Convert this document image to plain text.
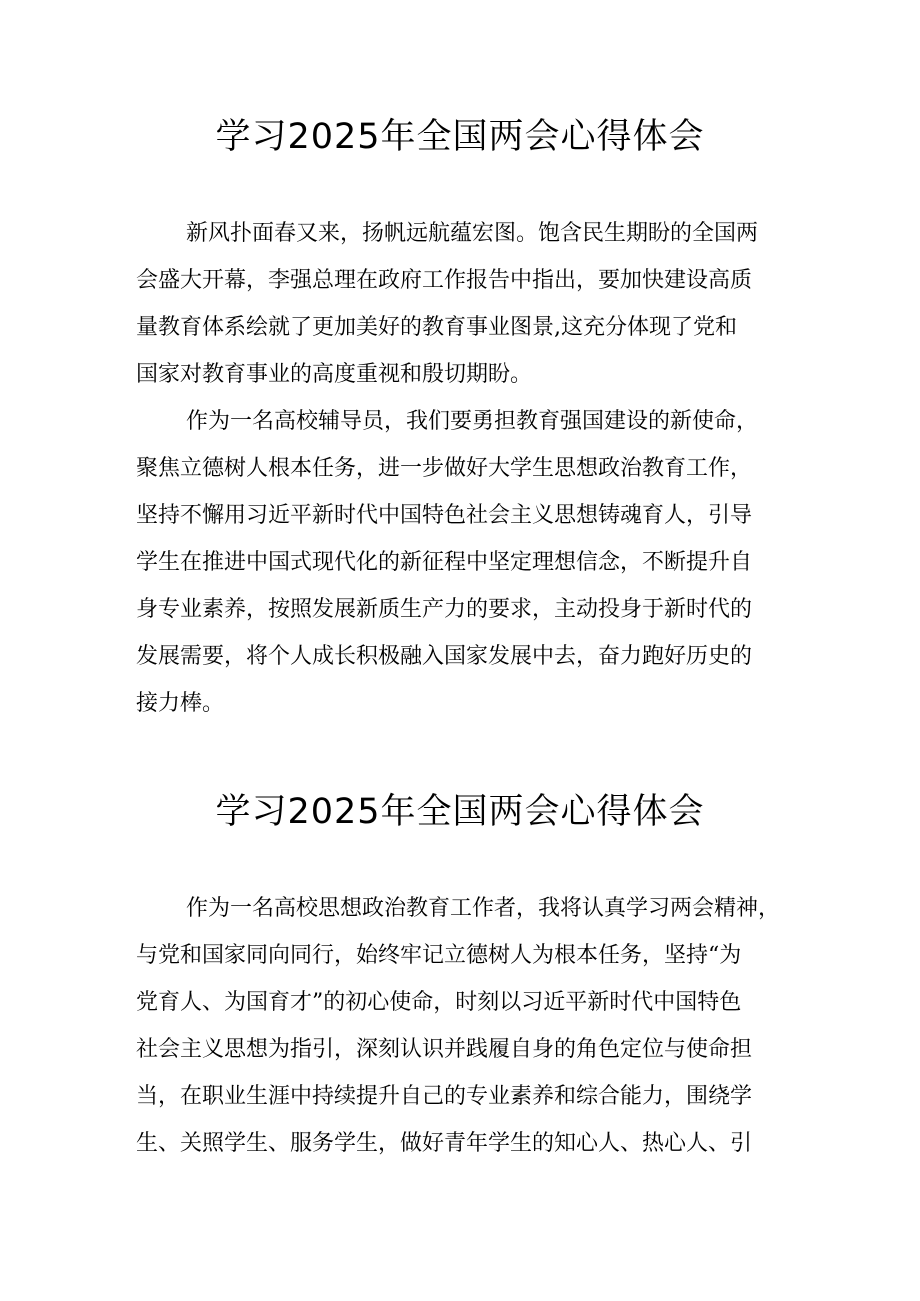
学习2025年全国两会心得体会
新风扑面春又来，扬帆远航蕴宏图。饱含民生期盼的全国两
会盛大开幕，李强总理在政府工作报告中指出，要加快建设高质
量教育体系绘就了更加美好的教育事业图景,这充分体现了党和
国家对教育事业的高度重视和殷切期盼。
作为一名高校辅导员，我们要勇担教育强国建设的新使命，
聚焦立德树人根本任务，进一步做好大学生思想政治教育工作，
坚持不懈用习近平新时代中国特色社会主义思想铸魂育人，引导
学生在推进中国式现代化的新征程中坚定理想信念，不断提升自
身专业素养，按照发展新质生产力的要求，主动投身于新时代的
发展需要，将个人成长积极融入国家发展中去，奋力跑好历史的
接力棒。
学习2025年全国两会心得体会
作为一名高校思想政治教育工作者，我将认真学习两会精神，
与党和国家同向同行，始终牢记立德树人为根本任务，坚持“为
党育人、为国育才”的初心使命，时刻以习近平新时代中国特色
社会主义思想为指引，深刻认识并践履自身的角色定位与使命担
当，在职业生涯中持续提升自己的专业素养和综合能力，围绕学
生、关照学生、服务学生，做好青年学生的知心人、热心人、引
